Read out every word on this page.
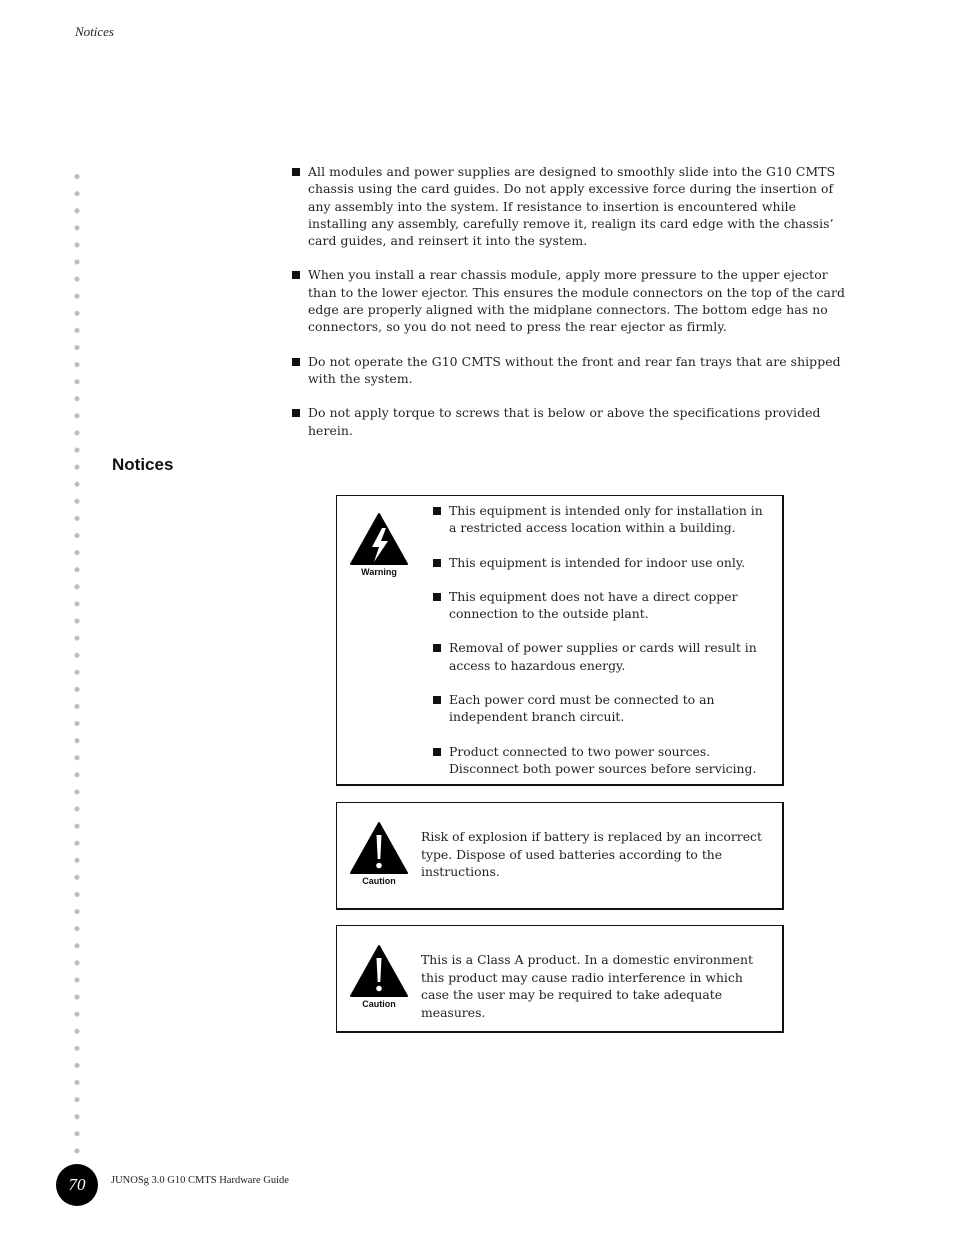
Notices
All modules and power supplies are designed to smoothly slide into the G10 CMTS chassis using the card guides. Do not apply excessive force during the insertion of any assembly into the system. If resistance to insertion is encountered while installing any assembly, carefully remove it, realign its card edge with the chassis’ card guides, and reinsert it into the system.
When you install a rear chassis module, apply more pressure to the upper ejector than to the lower ejector. This ensures the module connectors on the top of the card edge are properly aligned with the midplane connectors. The bottom edge has no connectors, so you do not need to press the rear ejector as firmly.
Do not operate the G10 CMTS without the front and rear fan trays that are shipped with the system.
Do not apply torque to screws that is below or above the specifications provided herein.
Notices
Warning
This equipment is intended only for installation in a restricted access location within a building.
This equipment is intended for indoor use only.
This equipment does not have a direct copper connection to the outside plant.
Removal of power supplies or cards will result in access to hazardous energy.
Each power cord must be connected to an independent branch circuit.
Product connected to two power sources. Disconnect both power sources before servicing.
Caution

Risk of explosion if battery is replaced by an incorrect type. Dispose of used batteries according to the instructions.

Caution

This is a Class A product. In a domestic environment this product may cause radio interference in which case the user may be required to take adequate measures.

70	JUNOSg 3.0 G10 CMTS Hardware Guide
